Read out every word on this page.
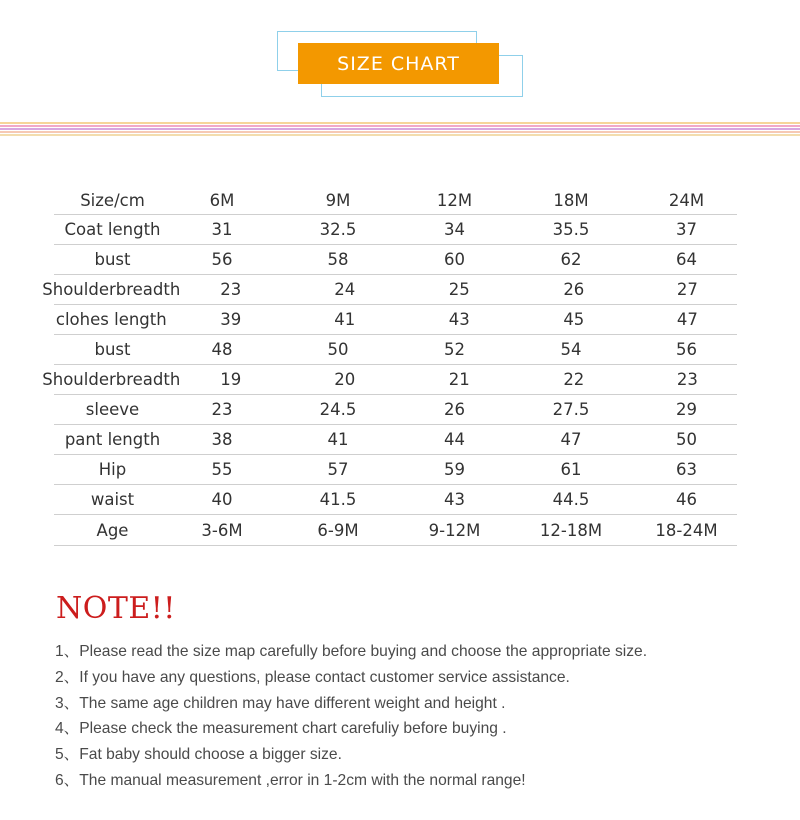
SIZE CHART
Size/cm	6M	9M	12M	18M	24M
Coat length	31	32.5	34	35.5	37
bust	56	58	60	62	64
Shoulderbreadth	23	24	25	26	27
clohes length	39	41	43	45	47
bust	48	50	52	54	56
Shoulderbreadth	19	20	21	22	23
sleeve	23	24.5	26	27.5	29
pant length	38	41	44	47	50
Hip	55	57	59	61	63
waist	40	41.5	43	44.5	46
Age	3-6M	6-9M	9-12M	12-18M	18-24M
NOTE!!
1、Please read the size map carefully before buying and choose the appropriate size.
2、If you have any questions, please contact customer service assistance.
3、The same age children may have different weight and height .
4、Please check the measurement chart carefuliy before buying .
5、Fat baby should choose a bigger size.
6、The manual measurement ,error in 1-2cm with the normal range!
